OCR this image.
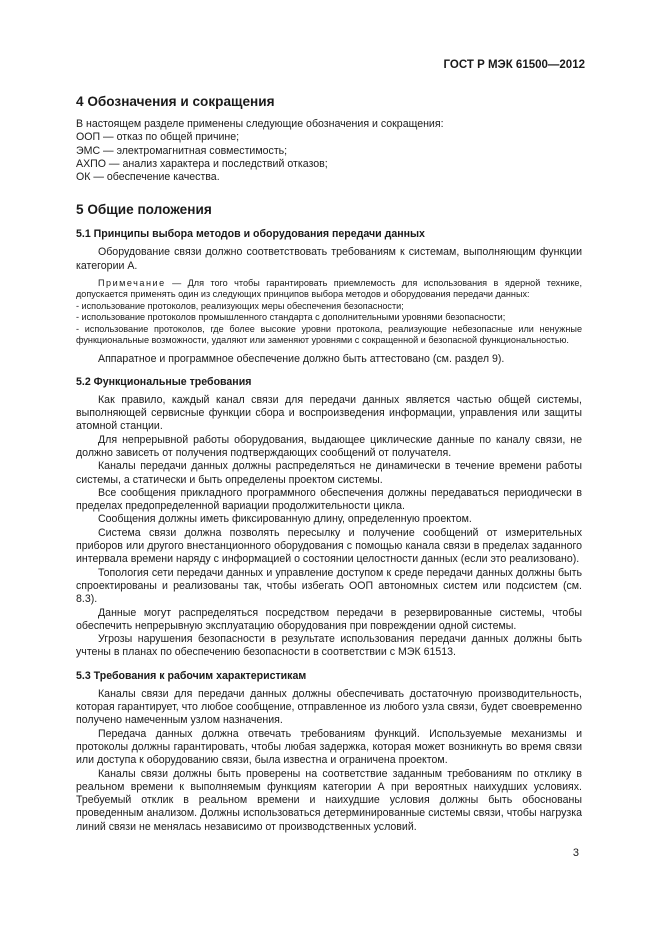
ГОСТ Р МЭК 61500—2012
4 Обозначения и сокращения

В настоящем разделе применены следующие обозначения и сокращения:

ООП — отказ по общей причине;

ЭМС — электромагнитная совместимость;

АХПО — анализ характера и последствий отказов;

ОК — обеспечение качества.

5 Общие положения
5.1 Принципы выбора методов и оборудования передачи данных

Оборудование связи должно соответствовать требованиям к системам, выполняющим функции категории А.

Примечание — Для того чтобы гарантировать приемлемость для использования в ядерной технике, допускается применять один из следующих принципов выбора методов и оборудования передачи данных:

- использование протоколов, реализующих меры обеспечения безопасности;

- использование протоколов промышленного стандарта с дополнительными уровнями безопасности;

- использование протоколов, где более высокие уровни протокола, реализующие небезопасные или ненужные функциональные возможности, удаляют или заменяют уровнями с сокращенной и безопасной функциональностью.

Аппаратное и программное обеспечение должно быть аттестовано (см. раздел 9).

5.2 Функциональные требования

Как правило, каждый канал связи для передачи данных является частью общей системы, выполняющей сервисные функции сбора и воспроизведения информации, управления или защиты атомной станции.

Для непрерывной работы оборудования, выдающее циклические данные по каналу связи, не должно зависеть от получения подтверждающих сообщений от получателя.

Каналы передачи данных должны распределяться не динамически в течение времени работы системы, а статически и быть определены проектом системы.

Все сообщения прикладного программного обеспечения должны передаваться периодически в пределах предопределенной вариации продолжительности цикла.

Сообщения должны иметь фиксированную длину, определенную проектом.

Система связи должна позволять пересылку и получение сообщений от измерительных приборов или другого внестанционного оборудования с помощью канала связи в пределах заданного интервала времени наряду с информацией о состоянии целостности данных (если это реализовано).

Топология сети передачи данных и управление доступом к среде передачи данных должны быть спроектированы и реализованы так, чтобы избегать ООП автономных систем или подсистем (см. 8.3).

Данные могут распределяться посредством передачи в резервированные системы, чтобы обеспечить непрерывную эксплуатацию оборудования при повреждении одной системы.

Угрозы нарушения безопасности в результате использования передачи данных должны быть учтены в планах по обеспечению безопасности в соответствии с МЭК 61513.

5.3 Требования к рабочим характеристикам

Каналы связи для передачи данных должны обеспечивать достаточную производительность, которая гарантирует, что любое сообщение, отправленное из любого узла связи, будет своевременно получено намеченным узлом назначения.

Передача данных должна отвечать требованиям функций. Используемые механизмы и протоколы должны гарантировать, чтобы любая задержка, которая может возникнуть во время связи или доступа к оборудованию связи, была известна и ограничена проектом.

Каналы связи должны быть проверены на соответствие заданным требованиям по отклику в реальном времени к выполняемым функциям категории А при вероятных наихудших условиях. Требуемый отклик в реальном времени и наихудшие условия должны быть обоснованы проведенным анализом. Должны использоваться детерминированные системы связи, чтобы нагрузка линий связи не менялась независимо от производственных условий.

3
